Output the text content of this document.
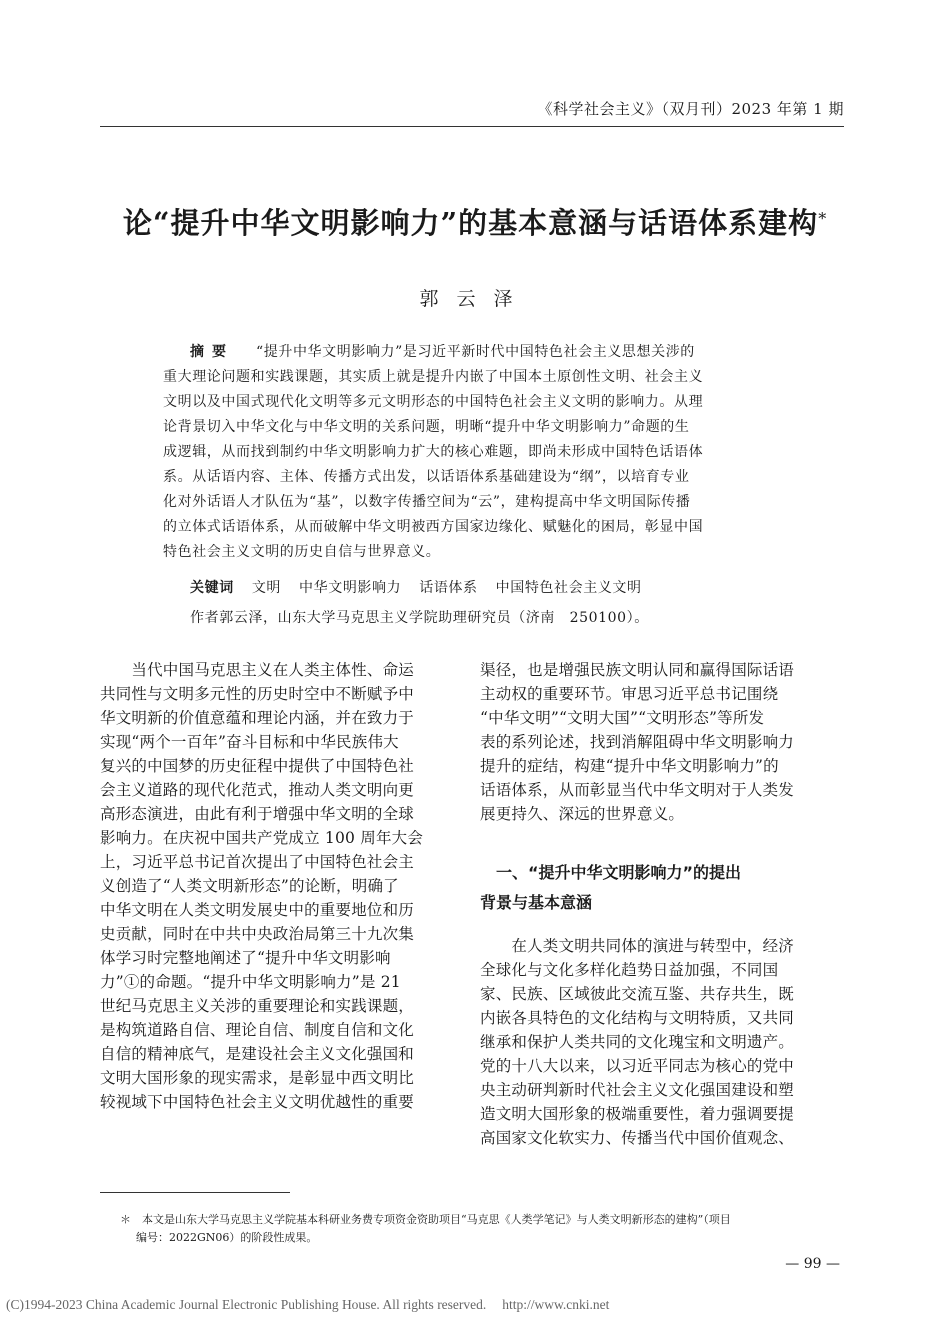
《科学社会主义》（双月刊）2023 年第 1 期
论“提升中华文明影响力”的基本意涵与话语体系建构*
郭云泽
摘要 “提升中华文明影响力”是习近平新时代中国特色社会主义思想关涉的
重大理论问题和实践课题，其实质上就是提升内嵌了中国本土原创性文明、社会主义
文明以及中国式现代化文明等多元文明形态的中国特色社会主义文明的影响力。从理
论背景切入中华文化与中华文明的关系问题，明晰“提升中华文明影响力”命题的生
成逻辑，从而找到制约中华文明影响力扩大的核心难题，即尚未形成中国特色话语体
系。从话语内容、主体、传播方式出发，以话语体系基础建设为“纲”，以培育专业
化对外话语人才队伍为“基”，以数字传播空间为“云”，建构提高中华文明国际传播
的立体式话语体系，从而破解中华文明被西方国家边缘化、赋魅化的困局，彰显中国
特色社会主义文明的历史自信与世界意义。
关键词 文明 中华文明影响力 话语体系 中国特色社会主义文明
作者郭云泽，山东大学马克思主义学院助理研究员（济南　250100）。
　　当代中国马克思主义在人类主体性、命运
共同性与文明多元性的历史时空中不断赋予中
华文明新的价值意蕴和理论内涵，并在致力于
实现“两个一百年”奋斗目标和中华民族伟大
复兴的中国梦的历史征程中提供了中国特色社
会主义道路的现代化范式，推动人类文明向更
高形态演进，由此有利于增强中华文明的全球
影响力。在庆祝中国共产党成立 100 周年大会
上，习近平总书记首次提出了中国特色社会主
义创造了“人类文明新形态”的论断，明确了
中华文明在人类文明发展史中的重要地位和历
史贡献，同时在中共中央政治局第三十九次集
体学习时完整地阐述了“提升中华文明影响
力”①的命题。“提升中华文明影响力”是 21
世纪马克思主义关涉的重要理论和实践课题，
是构筑道路自信、理论自信、制度自信和文化
自信的精神底气，是建设社会主义文化强国和
文明大国形象的现实需求，是彰显中西文明比
较视域下中国特色社会主义文明优越性的重要
渠径，也是增强民族文明认同和赢得国际话语
主动权的重要环节。审思习近平总书记围绕
“中华文明”“文明大国”“文明形态”等所发
表的系列论述，找到消解阻碍中华文明影响力
提升的症结，构建“提升中华文明影响力”的
话语体系，从而彰显当代中华文明对于人类发
展更持久、深远的世界意义。
　一、“提升中华文明影响力”的提出
背景与基本意涵
　　在人类文明共同体的演进与转型中，经济
全球化与文化多样化趋势日益加强，不同国
家、民族、区域彼此交流互鉴、共存共生，既
内嵌各具特色的文化结构与文明特质，又共同
继承和保护人类共同的文化瑰宝和文明遗产。
党的十八大以来，以习近平同志为核心的党中
央主动研判新时代社会主义文化强国建设和塑
造文明大国形象的极端重要性，着力强调要提
高国家文化软实力、传播当代中国价值观念、
＊　本文是山东大学马克思主义学院基本科研业务费专项资金资助项目“马克思《人类学笔记》与人类文明新形态的建构”（项目
编号：2022GN06）的阶段性成果。
— 99 —
(C)1994-2023 China Academic Journal Electronic Publishing House. All rights reserved. http://www.cnki.net
